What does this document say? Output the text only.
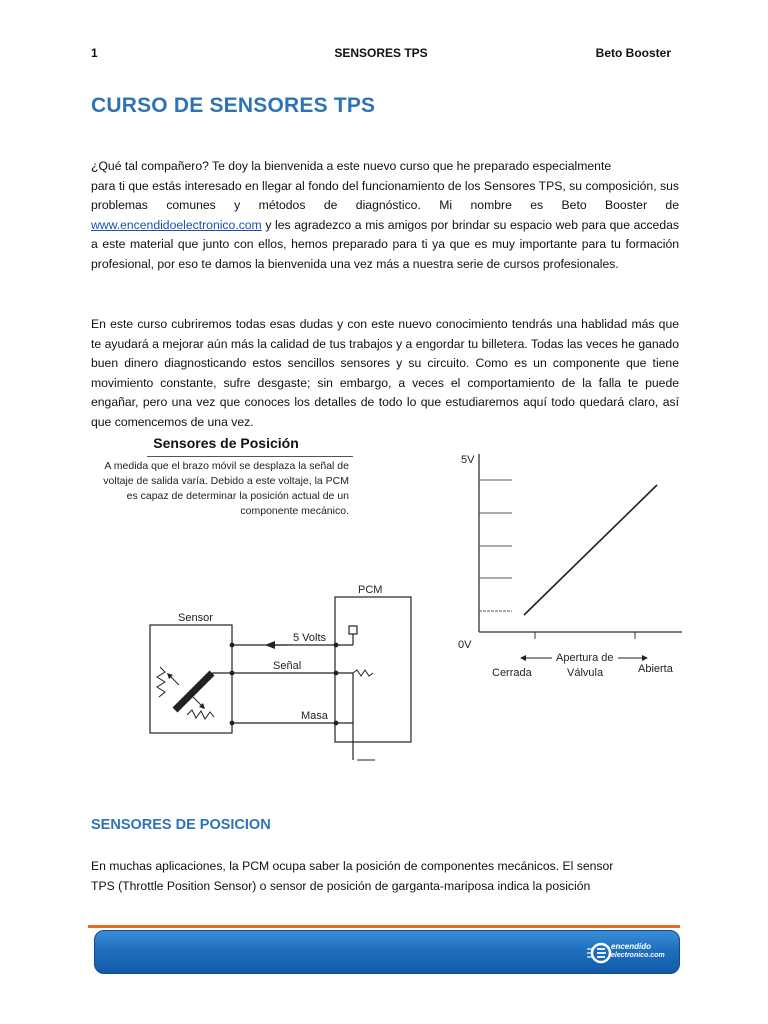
1	SENSORES TPS	Beto Booster
CURSO DE SENSORES TPS

¿Qué tal compañero? Te doy la bienvenida a este nuevo curso que he preparado especialmente

para ti que estás interesado en llegar al fondo del funcionamiento de los Sensores TPS, su composición, sus problemas comunes y métodos de diagnóstico. Mi nombre es Beto Booster de www.encendidoelectronico.com y les agradezco a mis amigos por brindar su espacio web para que accedas a este material que junto con ellos, hemos preparado para ti ya que es muy importante para tu formación profesional, por eso te damos la bienvenida una vez más a nuestra serie de cursos profesionales.

En este curso cubriremos todas esas dudas y con este nuevo conocimiento tendrás una hablidad más que te ayudará a mejorar aún más la calidad de tus trabajos y a engordar tu billetera. Todas las veces he ganado buen dinero diagnosticando estos sencillos sensores y su circuito. Como es un componente que tiene movimiento constante, sufre desgaste; sin embargo, a veces el comportamiento de la falla te puede engañar, pero una vez que conoces los detalles de todo lo que estudiaremos aquí todo quedará claro, así que comencemos de una vez.

Sensores de Posición
A medida que el brazo móvil se desplaza la señal de voltaje de salida varía. Debido a este voltaje, la PCM es capaz de determinar la posición actual de un componente mecánico.
Sensor
PCM
5 Volts
Señal
Masa
5V
0V
Cerrada
Apertura de
Válvula	Abierta
SENSORES DE POSICION

En muchas aplicaciones, la PCM ocupa saber la posición de componentes mecánicos. El sensor

TPS (Throttle Position Sensor) o sensor de posición de garganta-mariposa indica la posición

encendido
electronico.com
